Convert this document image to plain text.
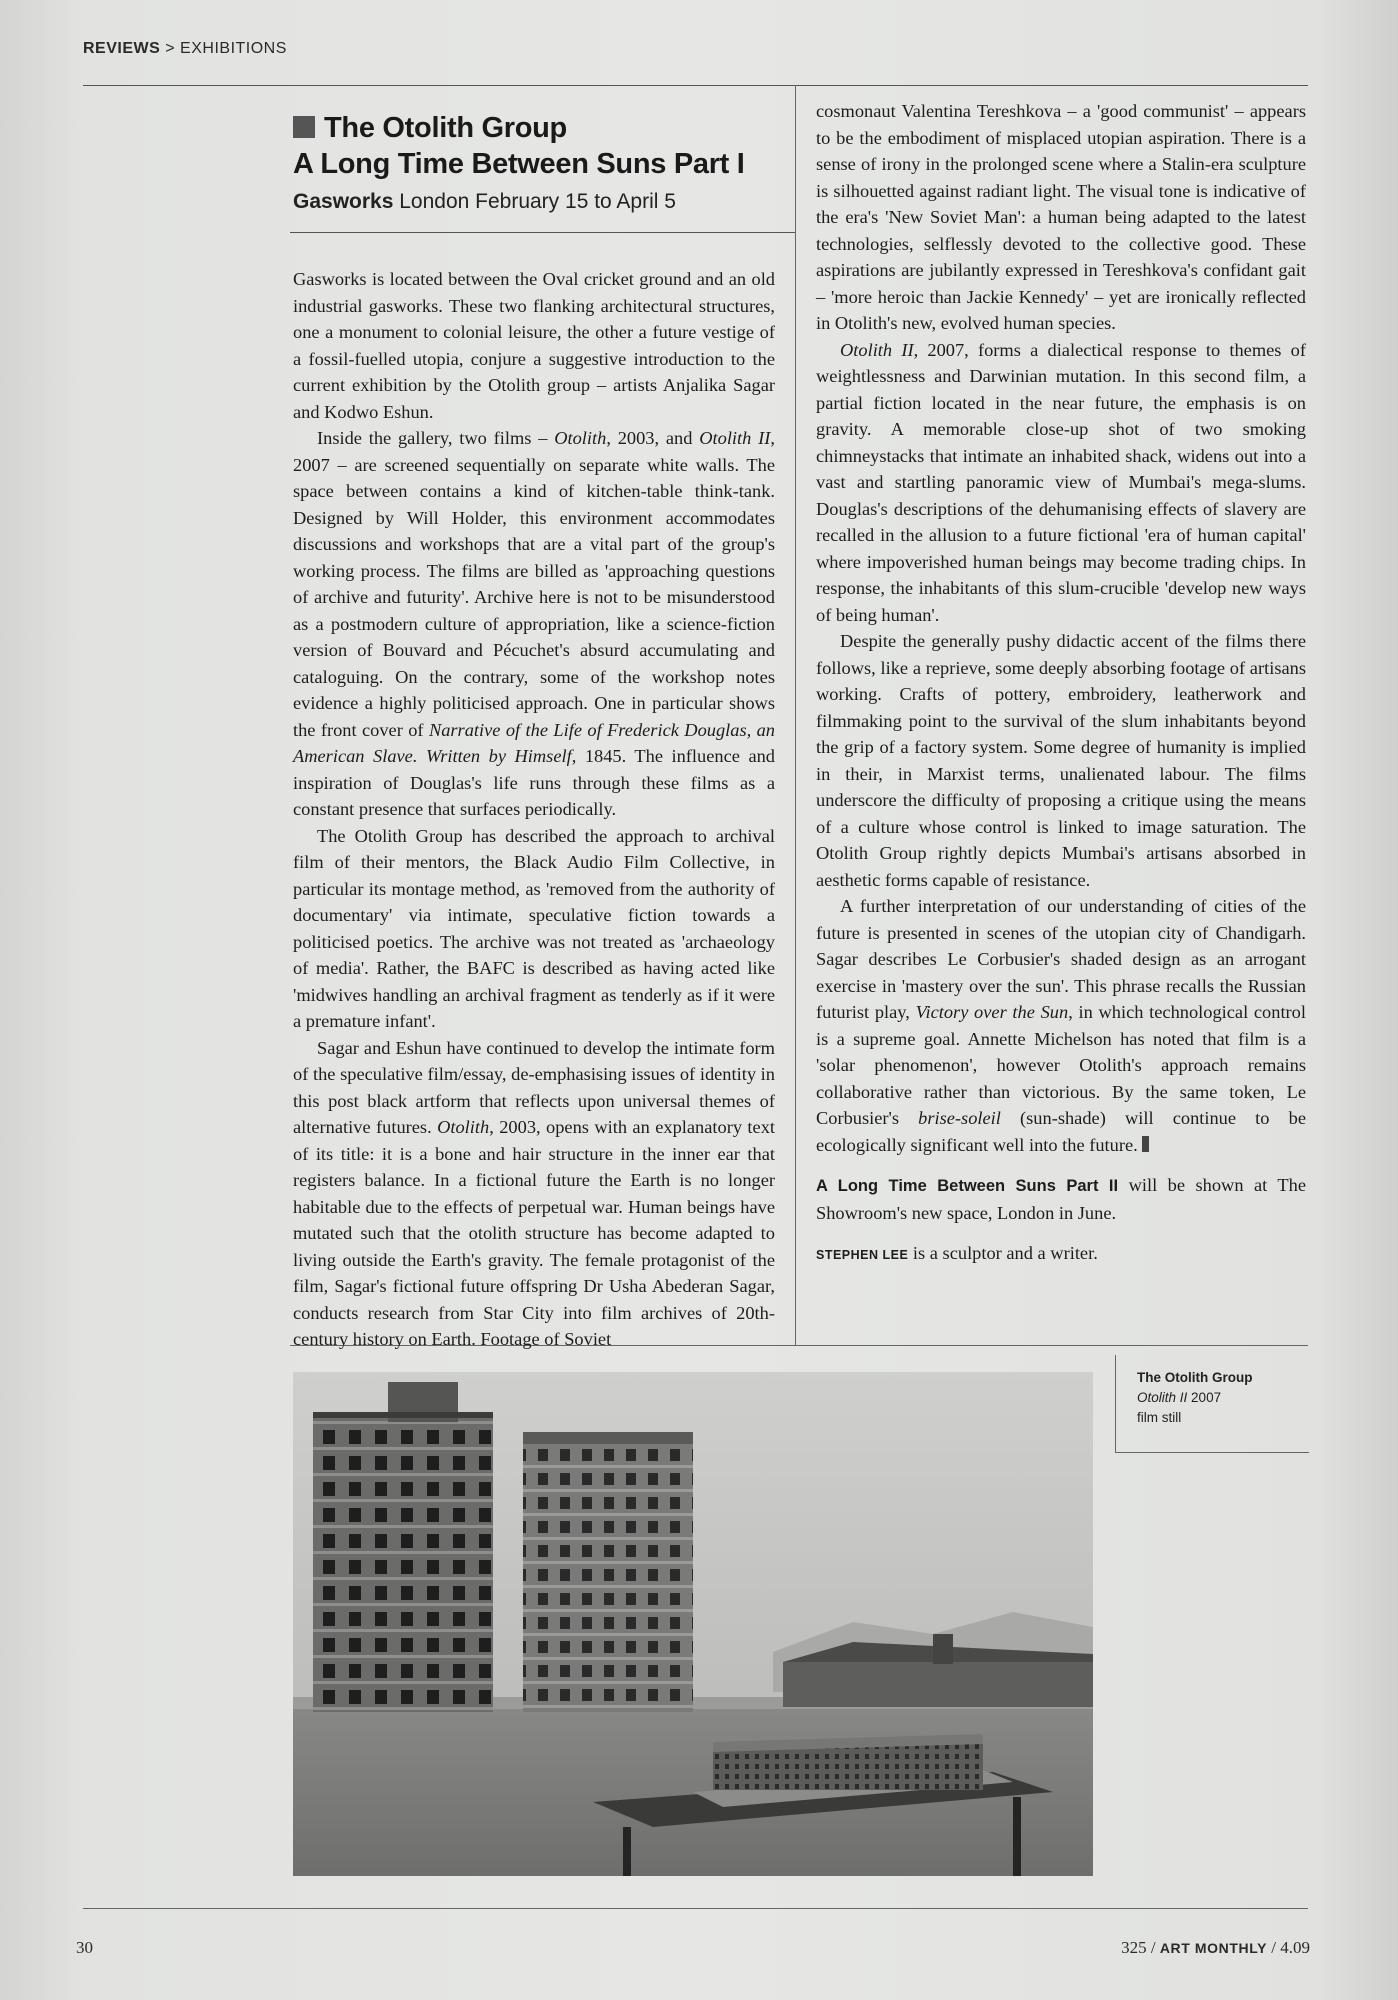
REVIEWS > EXHIBITIONS
The Otolith Group
A Long Time Between Suns Part I
Gasworks London February 15 to April 5

Gasworks is located between the Oval cricket ground and an old industrial gasworks. These two flanking architectural structures, one a monument to colonial leisure, the other a future vestige of a fossil-fuelled utopia, conjure a suggestive introduction to the current exhibition by the Otolith group – artists Anjalika Sagar and Kodwo Eshun.

Inside the gallery, two films – Otolith, 2003, and Otolith II, 2007 – are screened sequentially on separate white walls. The space between contains a kind of kitchen-table think-tank. Designed by Will Holder, this environment accommodates discussions and workshops that are a vital part of the group's working process. The films are billed as 'approaching questions of archive and futurity'. Archive here is not to be misunderstood as a postmodern culture of appropriation, like a science-fiction version of Bouvard and Pécuchet's absurd accumulating and cataloguing. On the contrary, some of the workshop notes evidence a highly politicised approach. One in particular shows the front cover of Narrative of the Life of Frederick Douglas, an American Slave. Written by Himself, 1845. The influence and inspiration of Douglas's life runs through these films as a constant presence that surfaces periodically.

The Otolith Group has described the approach to archival film of their mentors, the Black Audio Film Collective, in particular its montage method, as 'removed from the authority of documentary' via intimate, speculative fiction towards a politicised poetics. The archive was not treated as 'archaeology of media'. Rather, the BAFC is described as having acted like 'midwives handling an archival fragment as tenderly as if it were a premature infant'.

Sagar and Eshun have continued to develop the intimate form of the speculative film/essay, de-emphasising issues of identity in this post black artform that reflects upon universal themes of alternative futures. Otolith, 2003, opens with an explanatory text of its title: it is a bone and hair structure in the inner ear that registers balance. In a fictional future the Earth is no longer habitable due to the effects of perpetual war. Human beings have mutated such that the otolith structure has become adapted to living outside the Earth's gravity. The female protagonist of the film, Sagar's fictional future offspring Dr Usha Abederan Sagar, conducts research from Star City into film archives of 20th-century history on Earth. Footage of Soviet

cosmonaut Valentina Tereshkova – a 'good communist' – appears to be the embodiment of misplaced utopian aspiration. There is a sense of irony in the prolonged scene where a Stalin-era sculpture is silhouetted against radiant light. The visual tone is indicative of the era's 'New Soviet Man': a human being adapted to the latest technologies, selflessly devoted to the collective good. These aspirations are jubilantly expressed in Tereshkova's confidant gait – 'more heroic than Jackie Kennedy' – yet are ironically reflected in Otolith's new, evolved human species.

Otolith II, 2007, forms a dialectical response to themes of weightlessness and Darwinian mutation. In this second film, a partial fiction located in the near future, the emphasis is on gravity. A memorable close-up shot of two smoking chimneystacks that intimate an inhabited shack, widens out into a vast and startling panoramic view of Mumbai's mega-slums. Douglas's descriptions of the dehumanising effects of slavery are recalled in the allusion to a future fictional 'era of human capital' where impoverished human beings may become trading chips. In response, the inhabitants of this slum-crucible 'develop new ways of being human'.

Despite the generally pushy didactic accent of the films there follows, like a reprieve, some deeply absorbing footage of artisans working. Crafts of pottery, embroidery, leatherwork and filmmaking point to the survival of the slum inhabitants beyond the grip of a factory system. Some degree of humanity is implied in their, in Marxist terms, unalienated labour. The films underscore the difficulty of proposing a critique using the means of a culture whose control is linked to image saturation. The Otolith Group rightly depicts Mumbai's artisans absorbed in aesthetic forms capable of resistance.

A further interpretation of our understanding of cities of the future is presented in scenes of the utopian city of Chandigarh. Sagar describes Le Corbusier's shaded design as an arrogant exercise in 'mastery over the sun'. This phrase recalls the Russian futurist play, Victory over the Sun, in which technological control is a supreme goal. Annette Michelson has noted that film is a 'solar phenomenon', however Otolith's approach remains collaborative rather than victorious. By the same token, Le Corbusier's brise-soleil (sun-shade) will continue to be ecologically significant well into the future.

A Long Time Between Suns Part II will be shown at The Showroom's new space, London in June.

STEPHEN LEE is a sculptor and a writer.

The Otolith Group
Otolith II 2007
film still
30	325 / ART MONTHLY / 4.09
